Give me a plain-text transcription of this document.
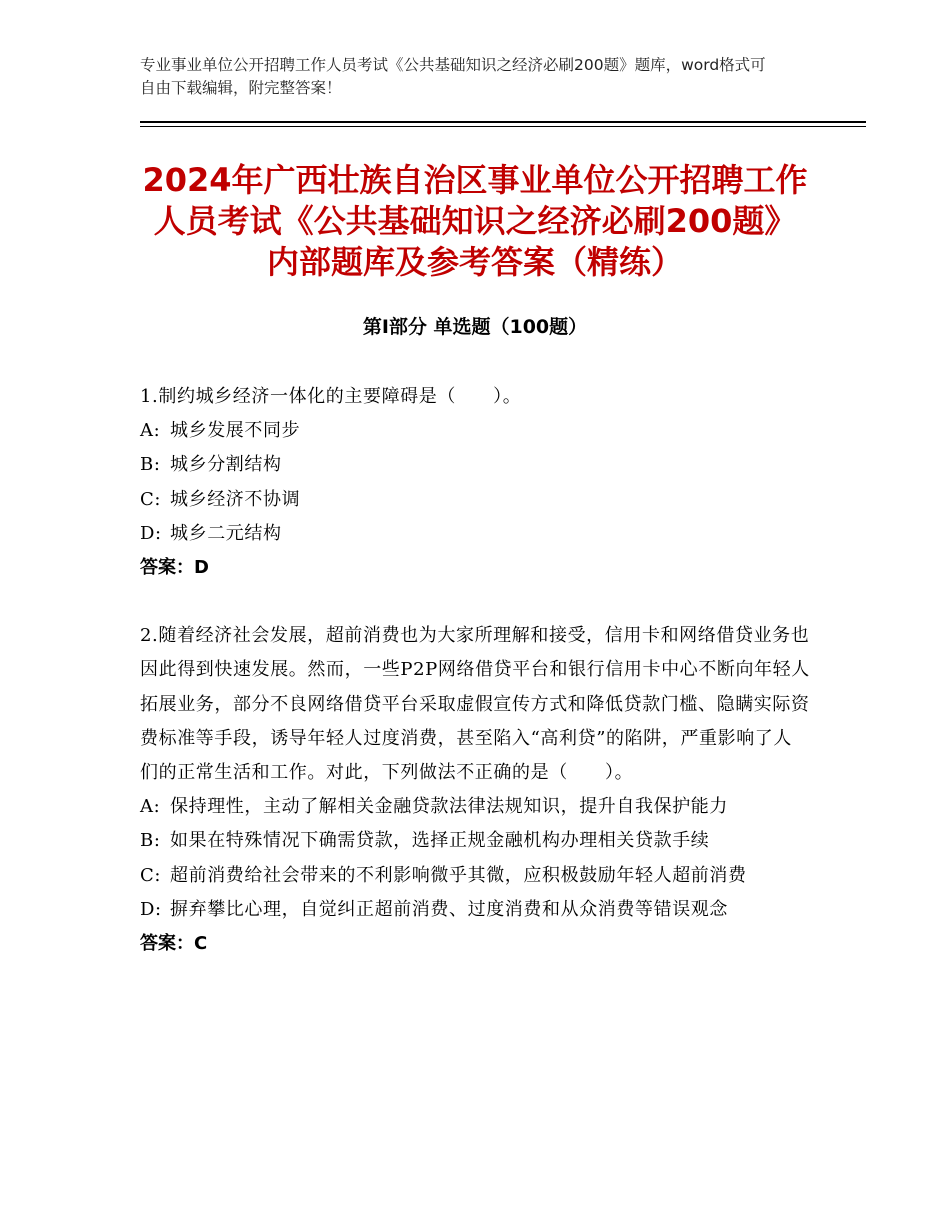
专业事业单位公开招聘工作人员考试《公共基础知识之经济必刷200题》题库，word格式可自由下载编辑，附完整答案！
2024年广西壮族自治区事业单位公开招聘工作人员考试《公共基础知识之经济必刷200题》内部题库及参考答案（精练）
第Ⅰ部分 单选题（100题）

1.制约城乡经济一体化的主要障碍是（　　）。

A: 城乡发展不同步

B: 城乡分割结构

C: 城乡经济不协调

D: 城乡二元结构

答案：D

2.随着经济社会发展，超前消费也为大家所理解和接受，信用卡和网络借贷业务也因此得到快速发展。然而，一些P2P网络借贷平台和银行信用卡中心不断向年轻人拓展业务，部分不良网络借贷平台采取虚假宣传方式和降低贷款门槛、隐瞒实际资费标准等手段，诱导年轻人过度消费，甚至陷入“高利贷”的陷阱，严重影响了人们的正常生活和工作。对此，下列做法不正确的是（　　）。

A: 保持理性，主动了解相关金融贷款法律法规知识，提升自我保护能力

B: 如果在特殊情况下确需贷款，选择正规金融机构办理相关贷款手续

C: 超前消费给社会带来的不利影响微乎其微，应积极鼓励年轻人超前消费

D: 摒弃攀比心理，自觉纠正超前消费、过度消费和从众消费等错误观念

答案：C
